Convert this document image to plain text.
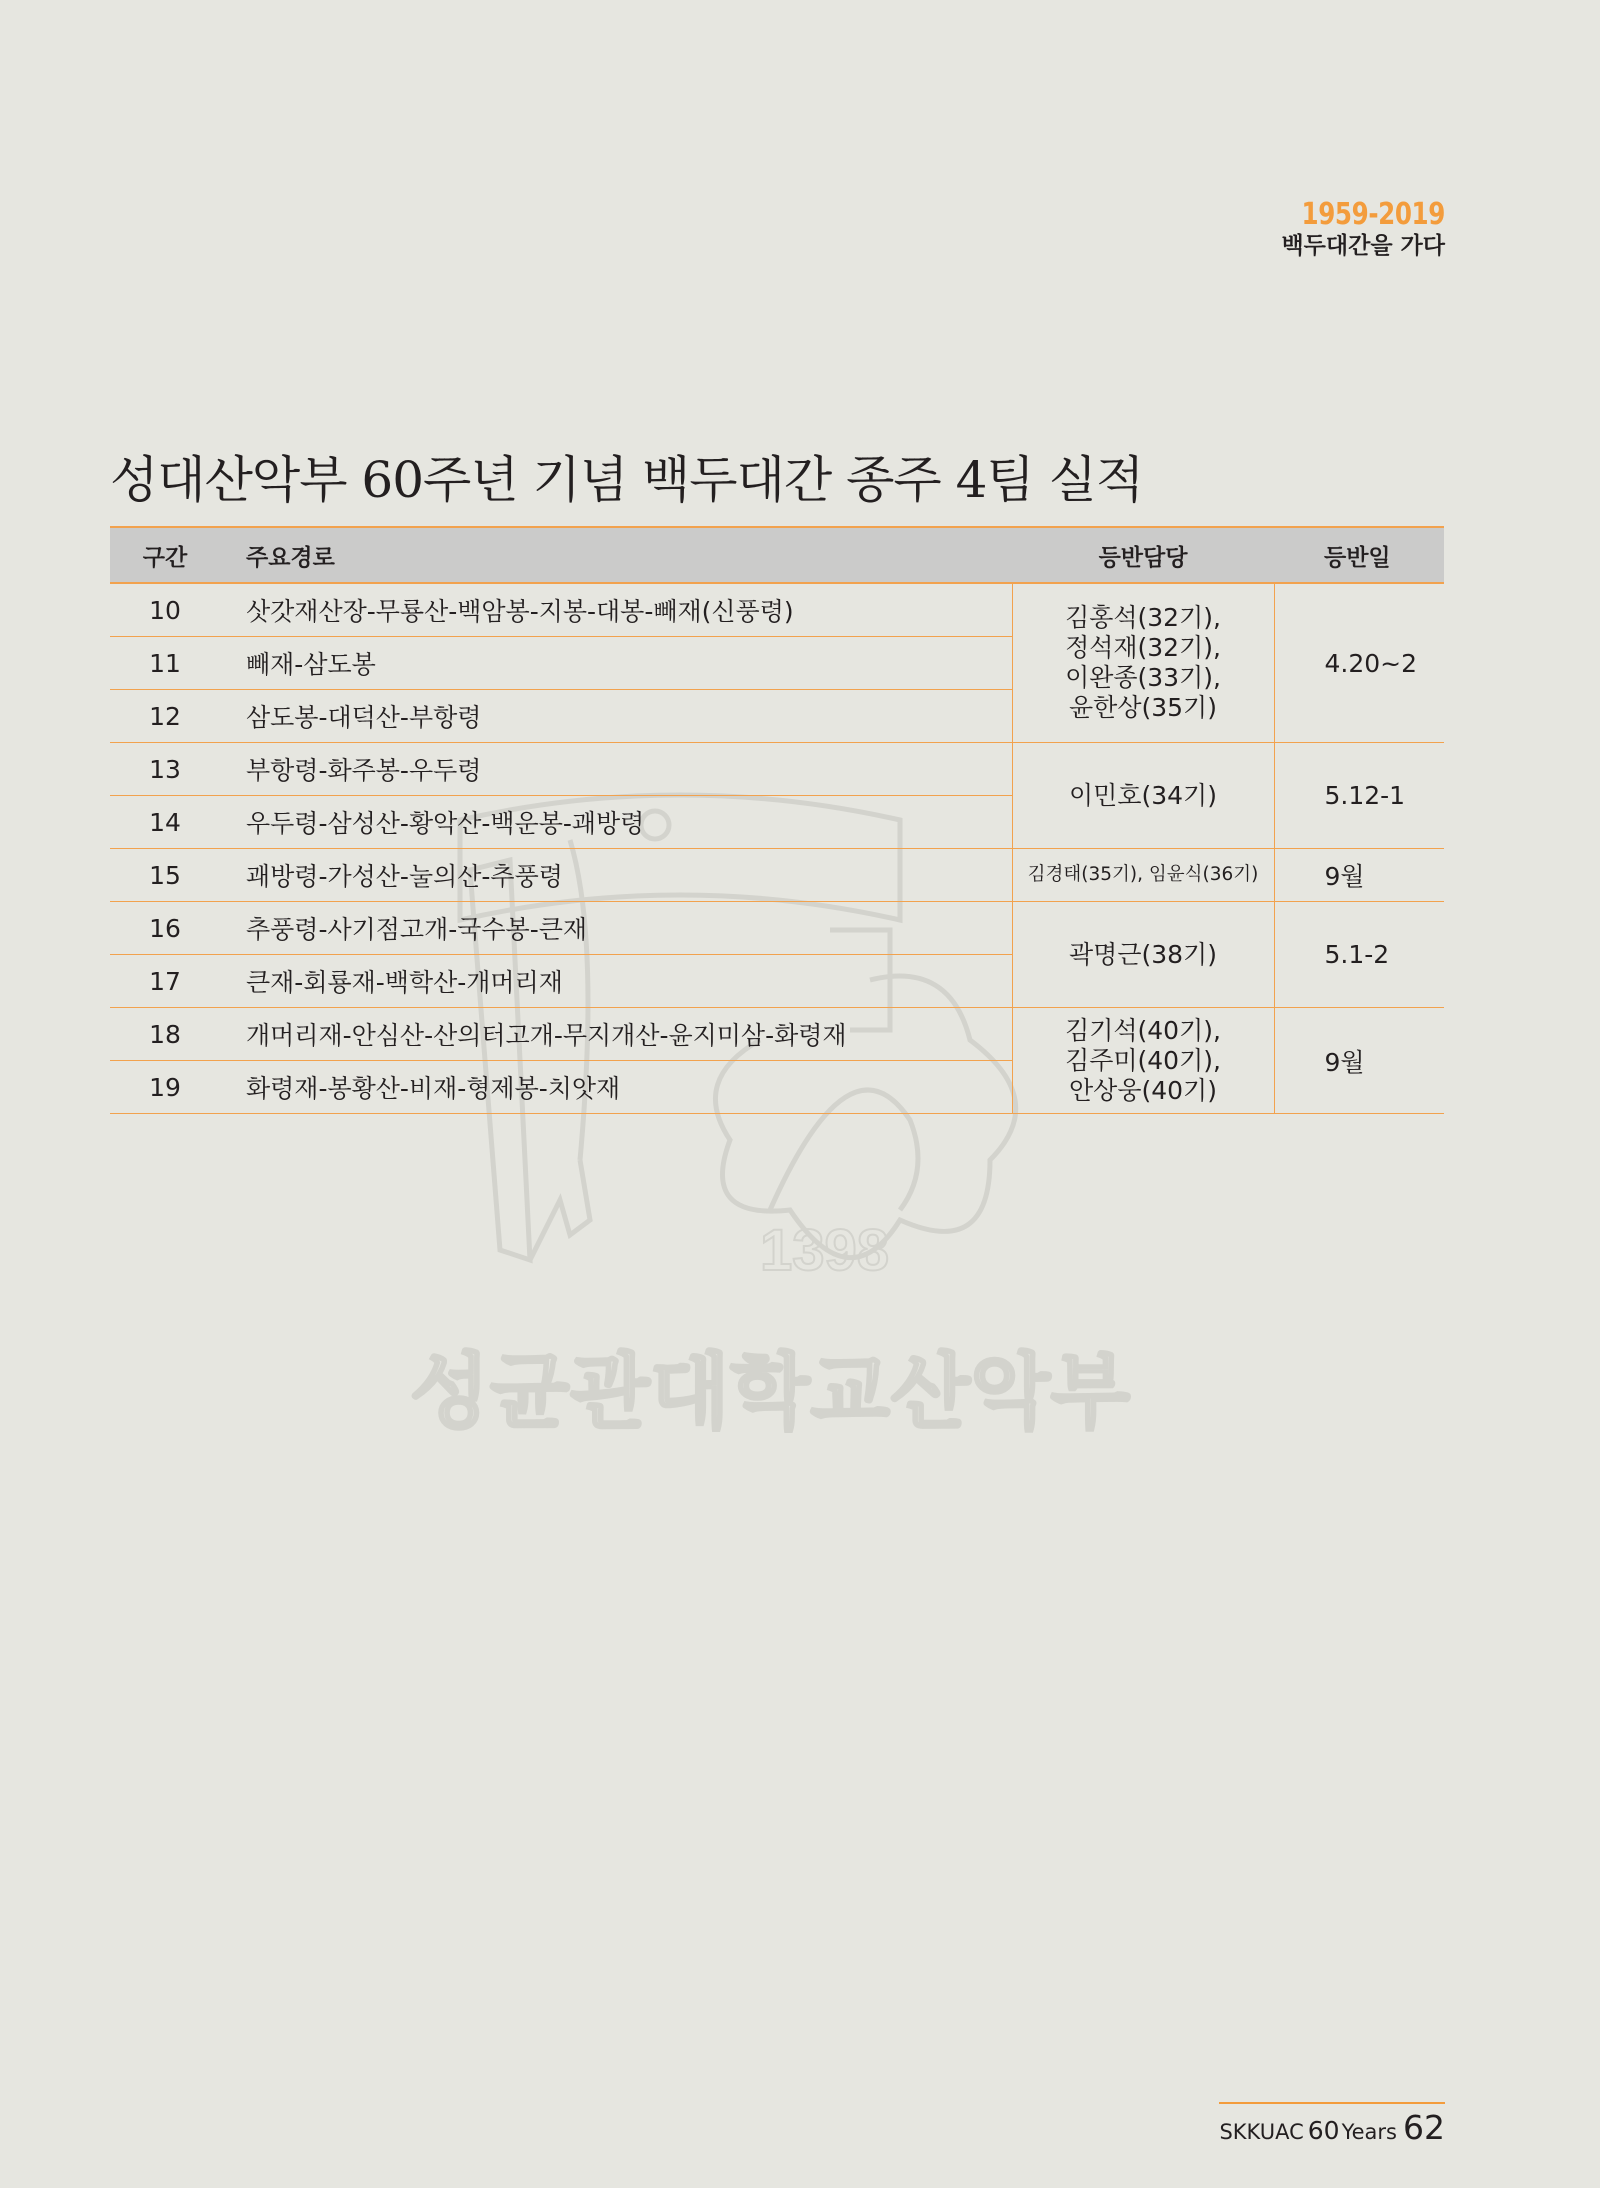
1959-2019
백두대간을 가다
1398
성균관대학교산악부
성대산악부 60주년 기념 백두대간 종주 4팀 실적
구간	주요경로	등반담당	등반일
10	삿갓재산장-무룡산-백암봉-지봉-대봉-빼재(신풍령)	김홍석(32기),
정석재(32기),
이완종(33기),
윤한상(35기)	4.20~2
11	빼재-삼도봉		
12	삼도봉-대덕산-부항령		
13	부항령-화주봉-우두령	이민호(34기)	5.12-1
14	우두령-삼성산-황악산-백운봉-괘방령		
15	괘방령-가성산-눌의산-추풍령	김경태(35기), 임윤식(36기)	9월
16	추풍령-사기점고개-국수봉-큰재	곽명근(38기)	5.1-2
17	큰재-회룡재-백학산-개머리재		
18	개머리재-안심산-산의터고개-무지개산-윤지미삼-화령재	김기석(40기),
김주미(40기),
안상웅(40기)	9월
19	화령재-봉황산-비재-형제봉-치앗재		
SKKUAC 60Years 62
